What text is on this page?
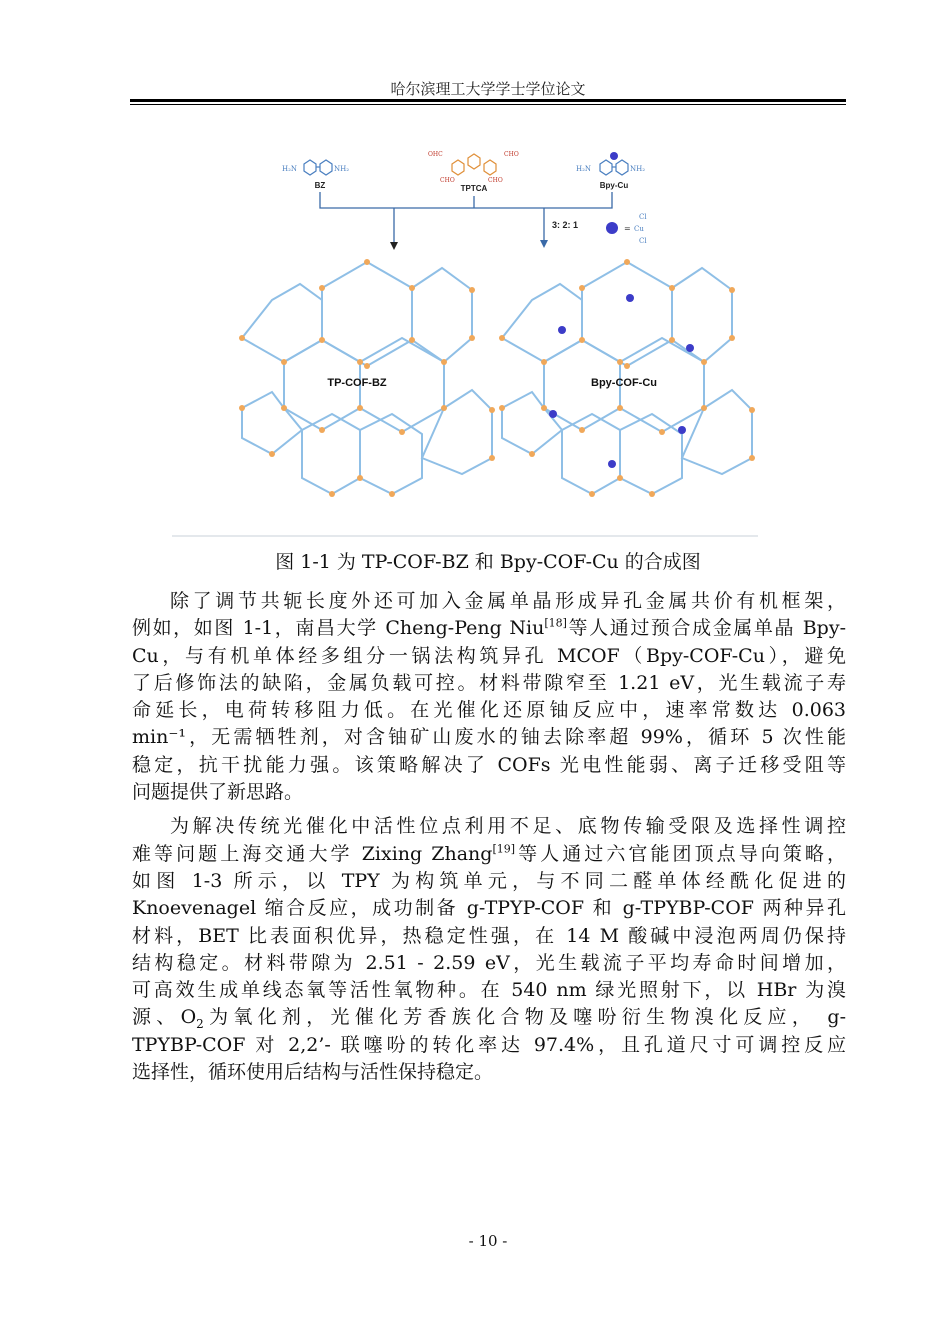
哈尔滨理工大学学士学位论文
H₂N	NH₂
BZ
OHC	CHO
CHO	CHO
TPTCA
H₂N	NH₂
Bpy-Cu
3: 2: 1	= Cu
Cl
Cl
TP-COF-BZ	Bpy-COF-Cu
图 1-1 为 TP-COF-BZ 和 Bpy-COF-Cu 的合成图

除了调节共轭长度外还可加入金属单晶形成异孔金属共价有机框架，
例如，如图 1-1，南昌大学 Cheng-Peng Niu[18]等人通过预合成金属单晶 Bpy-
Cu，与有机单体经多组分一锅法构筑异孔 MCOF（Bpy-COF-Cu），避免
了后修饰法的缺陷，金属负载可控。材料带隙窄至 1.21 eV，光生载流子寿
命延长，电荷转移阻力低。在光催化还原铀反应中，速率常数达 0.063
min⁻¹，无需牺牲剂，对含铀矿山废水的铀去除率超 99%，循环 5 次性能
稳定，抗干扰能力强。该策略解决了 COFs 光电性能弱、离子迁移受阻等
问题提供了新思路。

为解决传统光催化中活性位点利用不足、底物传输受限及选择性调控
难等问题上海交通大学 Zixing Zhang[19]等人通过六官能团顶点导向策略，
如图 1-3 所示，以 TPY 为构筑单元，与不同二醛单体经酰化促进的
Knoevenagel 缩合反应，成功制备 g-TPYP-COF 和 g-TPYBP-COF 两种异孔
材料，BET 比表面积优异，热稳定性强，在 14 M 酸碱中浸泡两周仍保持
结构稳定。材料带隙为 2.51 - 2.59 eV，光生载流子平均寿命时间增加，
可高效生成单线态氧等活性氧物种。在 540 nm 绿光照射下，以 HBr 为溴
源、$O_2$为氧化剂，光催化芳香族化合物及噻吩衍生物溴化反应， g-
TPYBP-COF 对 2,2’- 联噻吩的转化率达 97.4%，且孔道尺寸可调控反应
选择性，循环使用后结构与活性保持稳定。

- 10 -
